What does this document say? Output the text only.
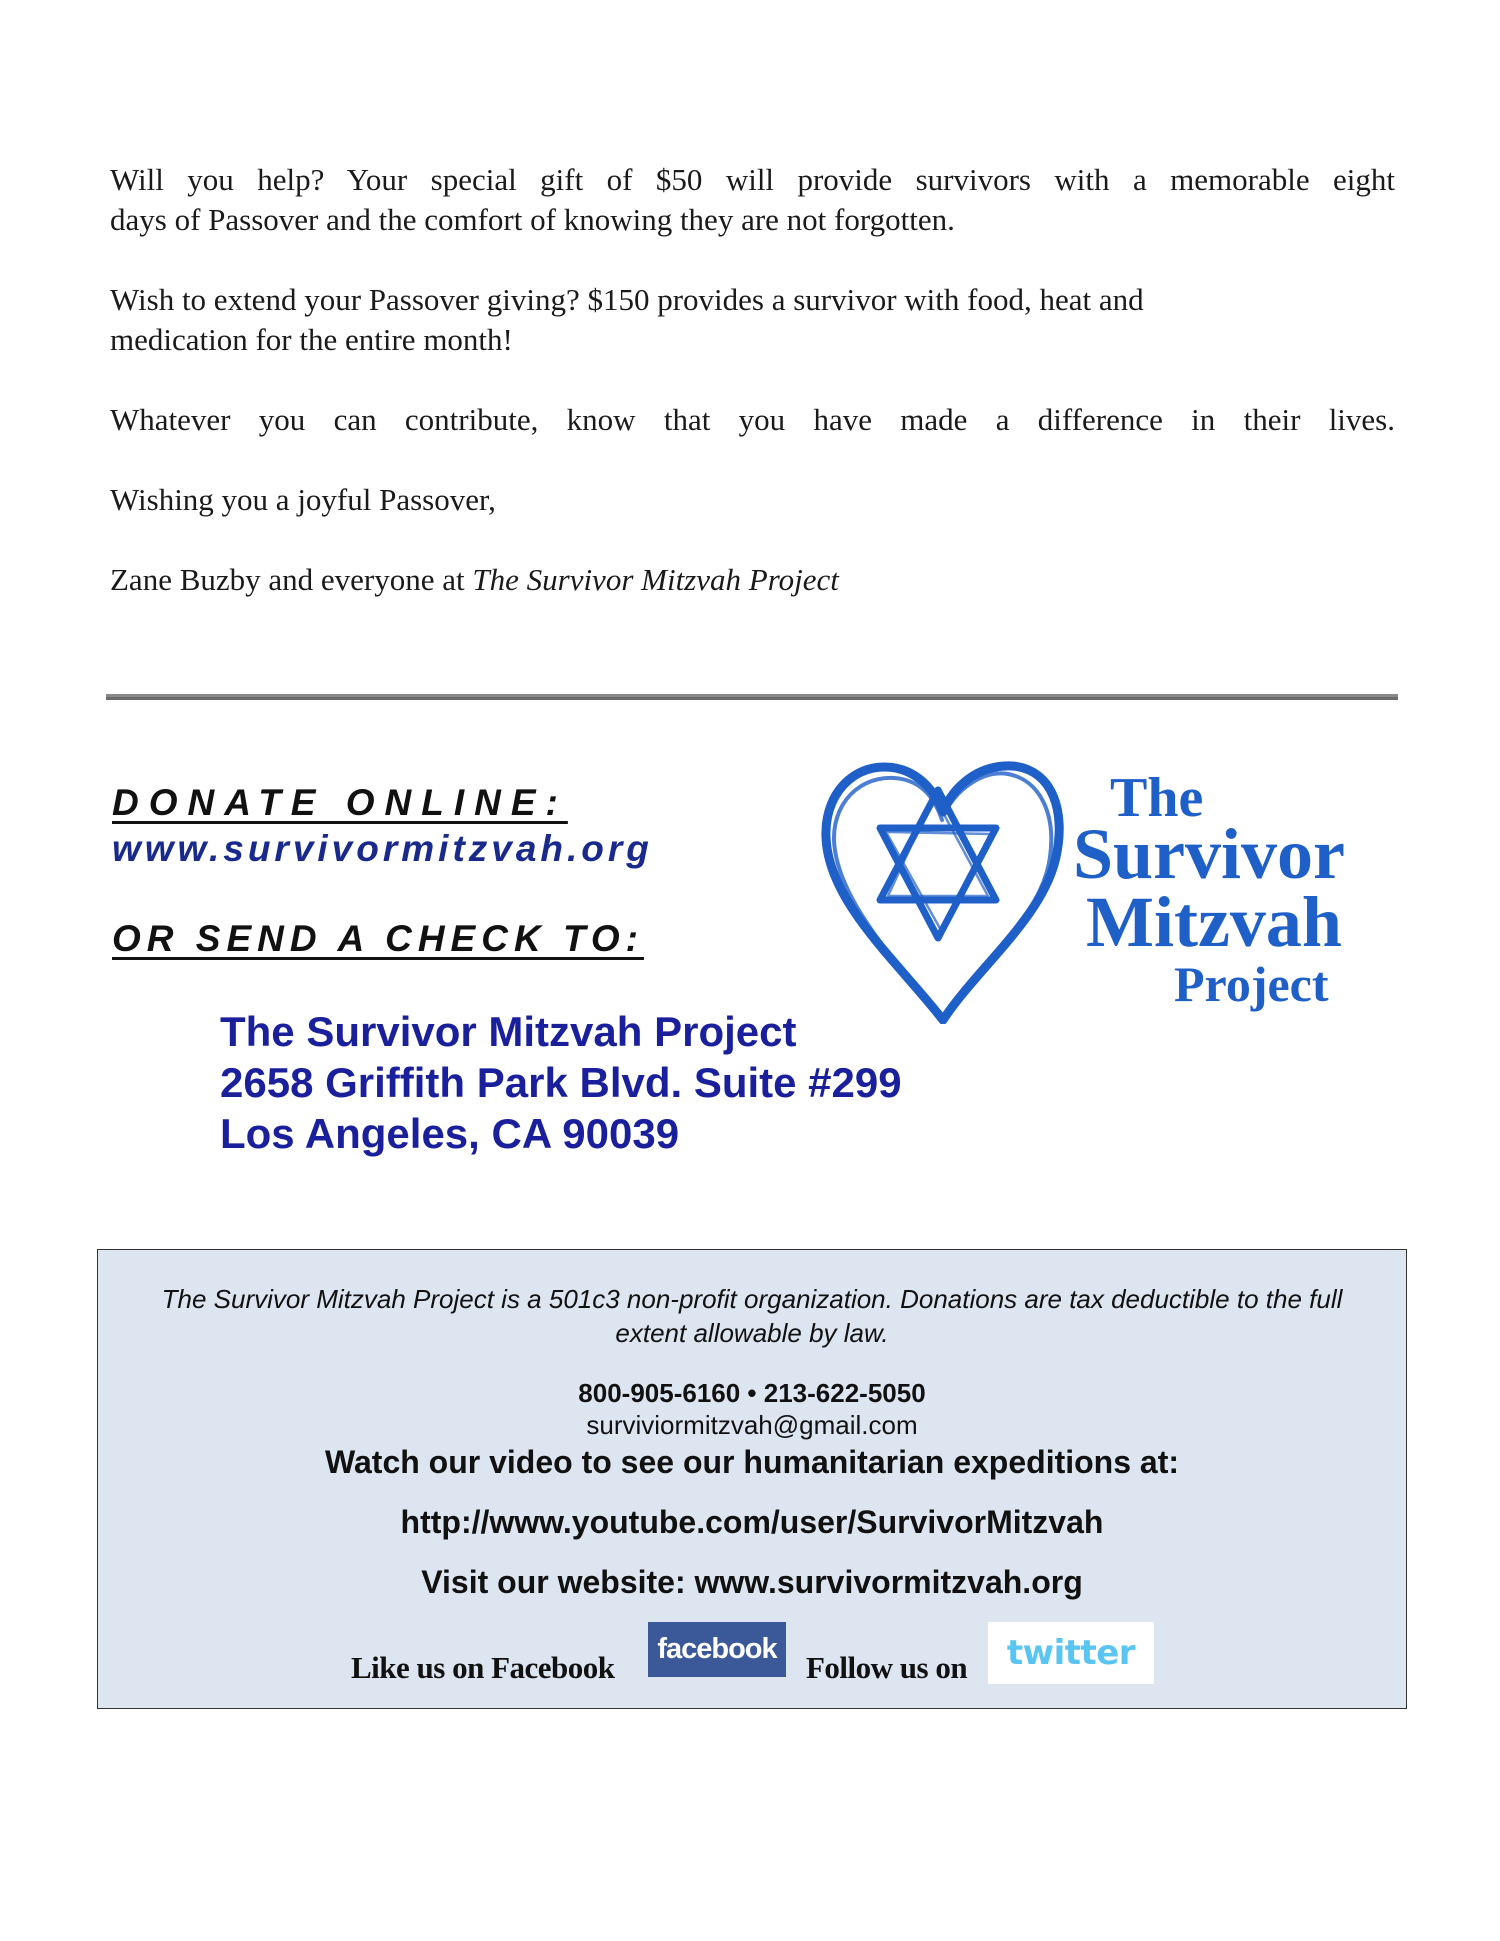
Will you help? Your special gift of $50 will provide survivors with a memorable eight
days of Passover and the comfort of knowing they are not forgotten.

Wish to extend your Passover giving? $150 provides a survivor with food, heat and
medication for the entire month!

Whatever you can contribute, know that you have made a difference in their lives.

Wishing you a joyful Passover,

Zane Buzby and everyone at The Survivor Mitzvah Project

DONATE ONLINE:
www.survivormitzvah.org
OR SEND A CHECK TO:
The Survivor Mitzvah Project
2658 Griffith Park Blvd. Suite #299
Los Angeles, CA 90039
The
Survivor
Mitzvah
Project
The Survivor Mitzvah Project is a 501c3 non-profit organization. Donations are tax deductible to the full extent allowable by law.
800-905-6160 • 213-622-5050
surviviormitzvah@gmail.com
Watch our video to see our humanitarian expeditions at:
http://www.youtube.com/user/SurvivorMitzvah
Visit our website: www.survivormitzvah.org
Like us on Facebook
facebook
Follow us on	twitter
